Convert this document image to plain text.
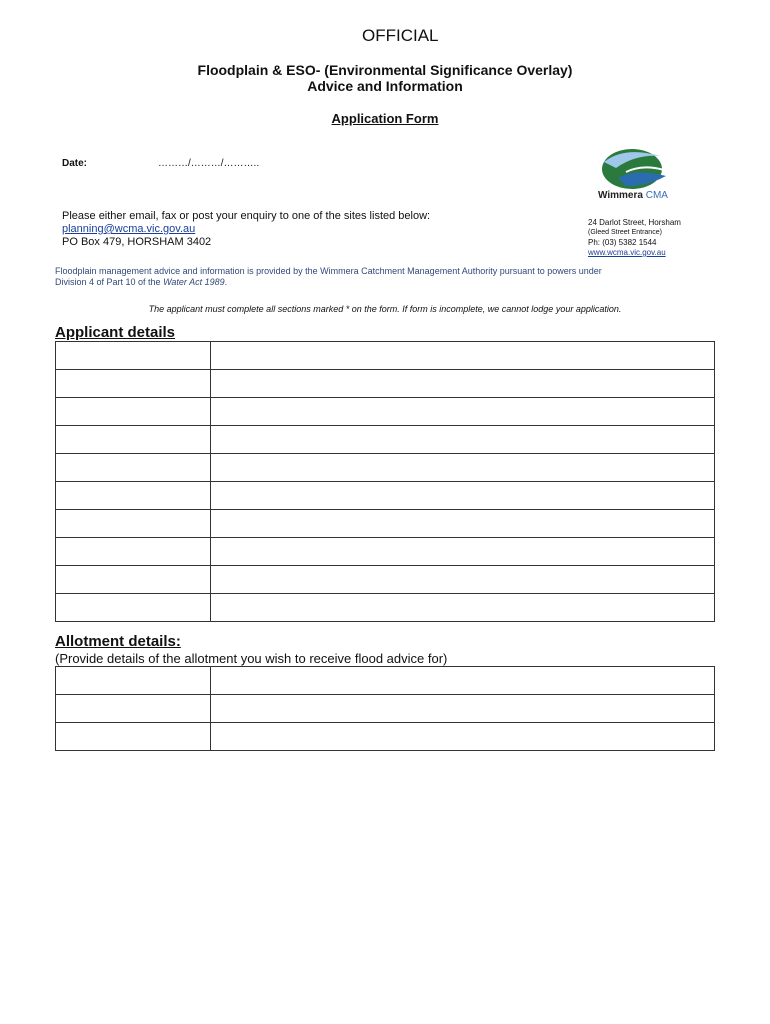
OFFICIAL
Floodplain & ESO- (Environmental Significance Overlay)
Advice and Information
Application Form
Date:	………/………/………..
Wimmera CMA
Please either email, fax or post your enquiry to one of the sites listed below:
planning@wcma.vic.gov.au
PO Box 479, HORSHAM 3402
24 Darlot Street, Horsham
(Gleed Street Entrance)
Ph: (03) 5382 1544
www.wcma.vic.gov.au
Floodplain management advice and information is provided by the Wimmera Catchment Management Authority pursuant to powers under
Division 4 of Part 10 of the Water Act 1989.
The applicant must complete all sections marked * on the form. If form is incomplete, we cannot lodge your application.
Applicant details

Allotment details:
(Provide details of the allotment you wish to receive flood advice for)
